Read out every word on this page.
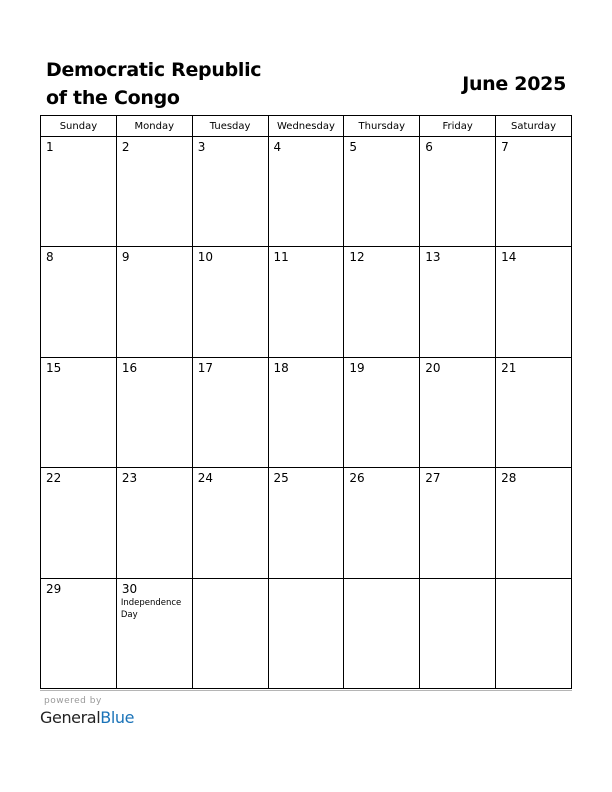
Democratic Republic
of the Congo
June 2025
Sunday	Monday	Tuesday	Wednesday	Thursday	Friday	Saturday

1	2	3	4	5	6	7

8	9	10	11	12	13	14

15	16	17	18	19	20	21

22	23	24	25	26	27	28

29	30
Independence
Day					

powered by
GeneralBlue
